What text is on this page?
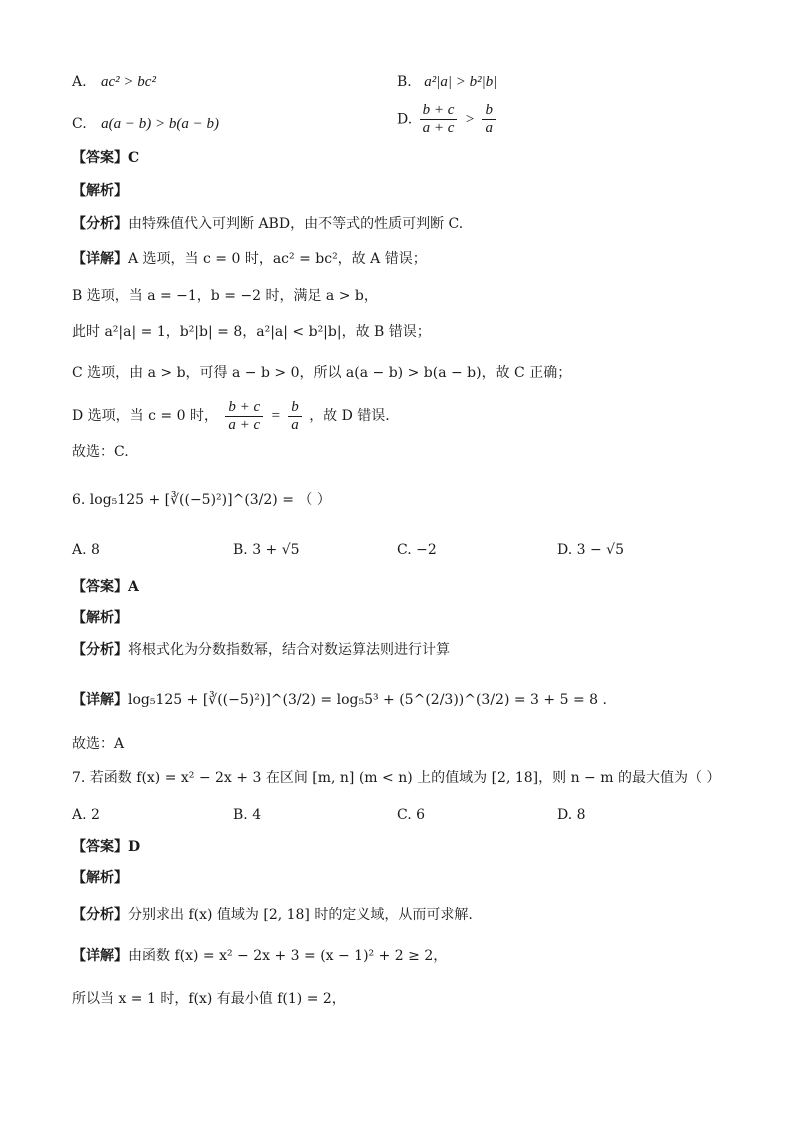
A. ac² > bc²	B. a²|a| > b²|b|
C. a(a − b) > b(a − b)	D. $\frac{b + c}{a + c} > \frac{b}{a}$
【答案】C
【解析】
【分析】由特殊值代入可判断 ABD，由不等式的性质可判断 C.
【详解】A 选项，当 c = 0 时，ac² = bc²，故 A 错误；
B 选项，当 a = −1，b = −2 时，满足 a > b，
此时 a²|a| = 1，b²|b| = 8，a²|a| < b²|b|，故 B 错误；
C 选项，由 a > b，可得 a − b > 0，所以 a(a − b) > b(a − b)，故 C 正确；
D 选项，当 c = 0 时， $\frac{b + c}{a + c} = \frac{b}{a}$ ，故 D 错误.
故选：C.
6. log₅125 + [∛((−5)²)]^(3/2) = （ ）
A. 8	B. 3 + √5	C. −2	D. 3 − √5
【答案】A
【解析】
【分析】将根式化为分数指数幂，结合对数运算法则进行计算
【详解】log₅125 + [∛((−5)²)]^(3/2) = log₅5³ + (5^(2/3))^(3/2) = 3 + 5 = 8 .
故选：A
7. 若函数 f(x) = x² − 2x + 3 在区间 [m, n] (m < n) 上的值域为 [2, 18]，则 n − m 的最大值为（ ）
A. 2	B. 4	C. 6	D. 8
【答案】D
【解析】
【分析】分别求出 f(x) 值域为 [2, 18] 时的定义域，从而可求解.
【详解】由函数 f(x) = x² − 2x + 3 = (x − 1)² + 2 ≥ 2，
所以当 x = 1 时，f(x) 有最小值 f(1) = 2，
